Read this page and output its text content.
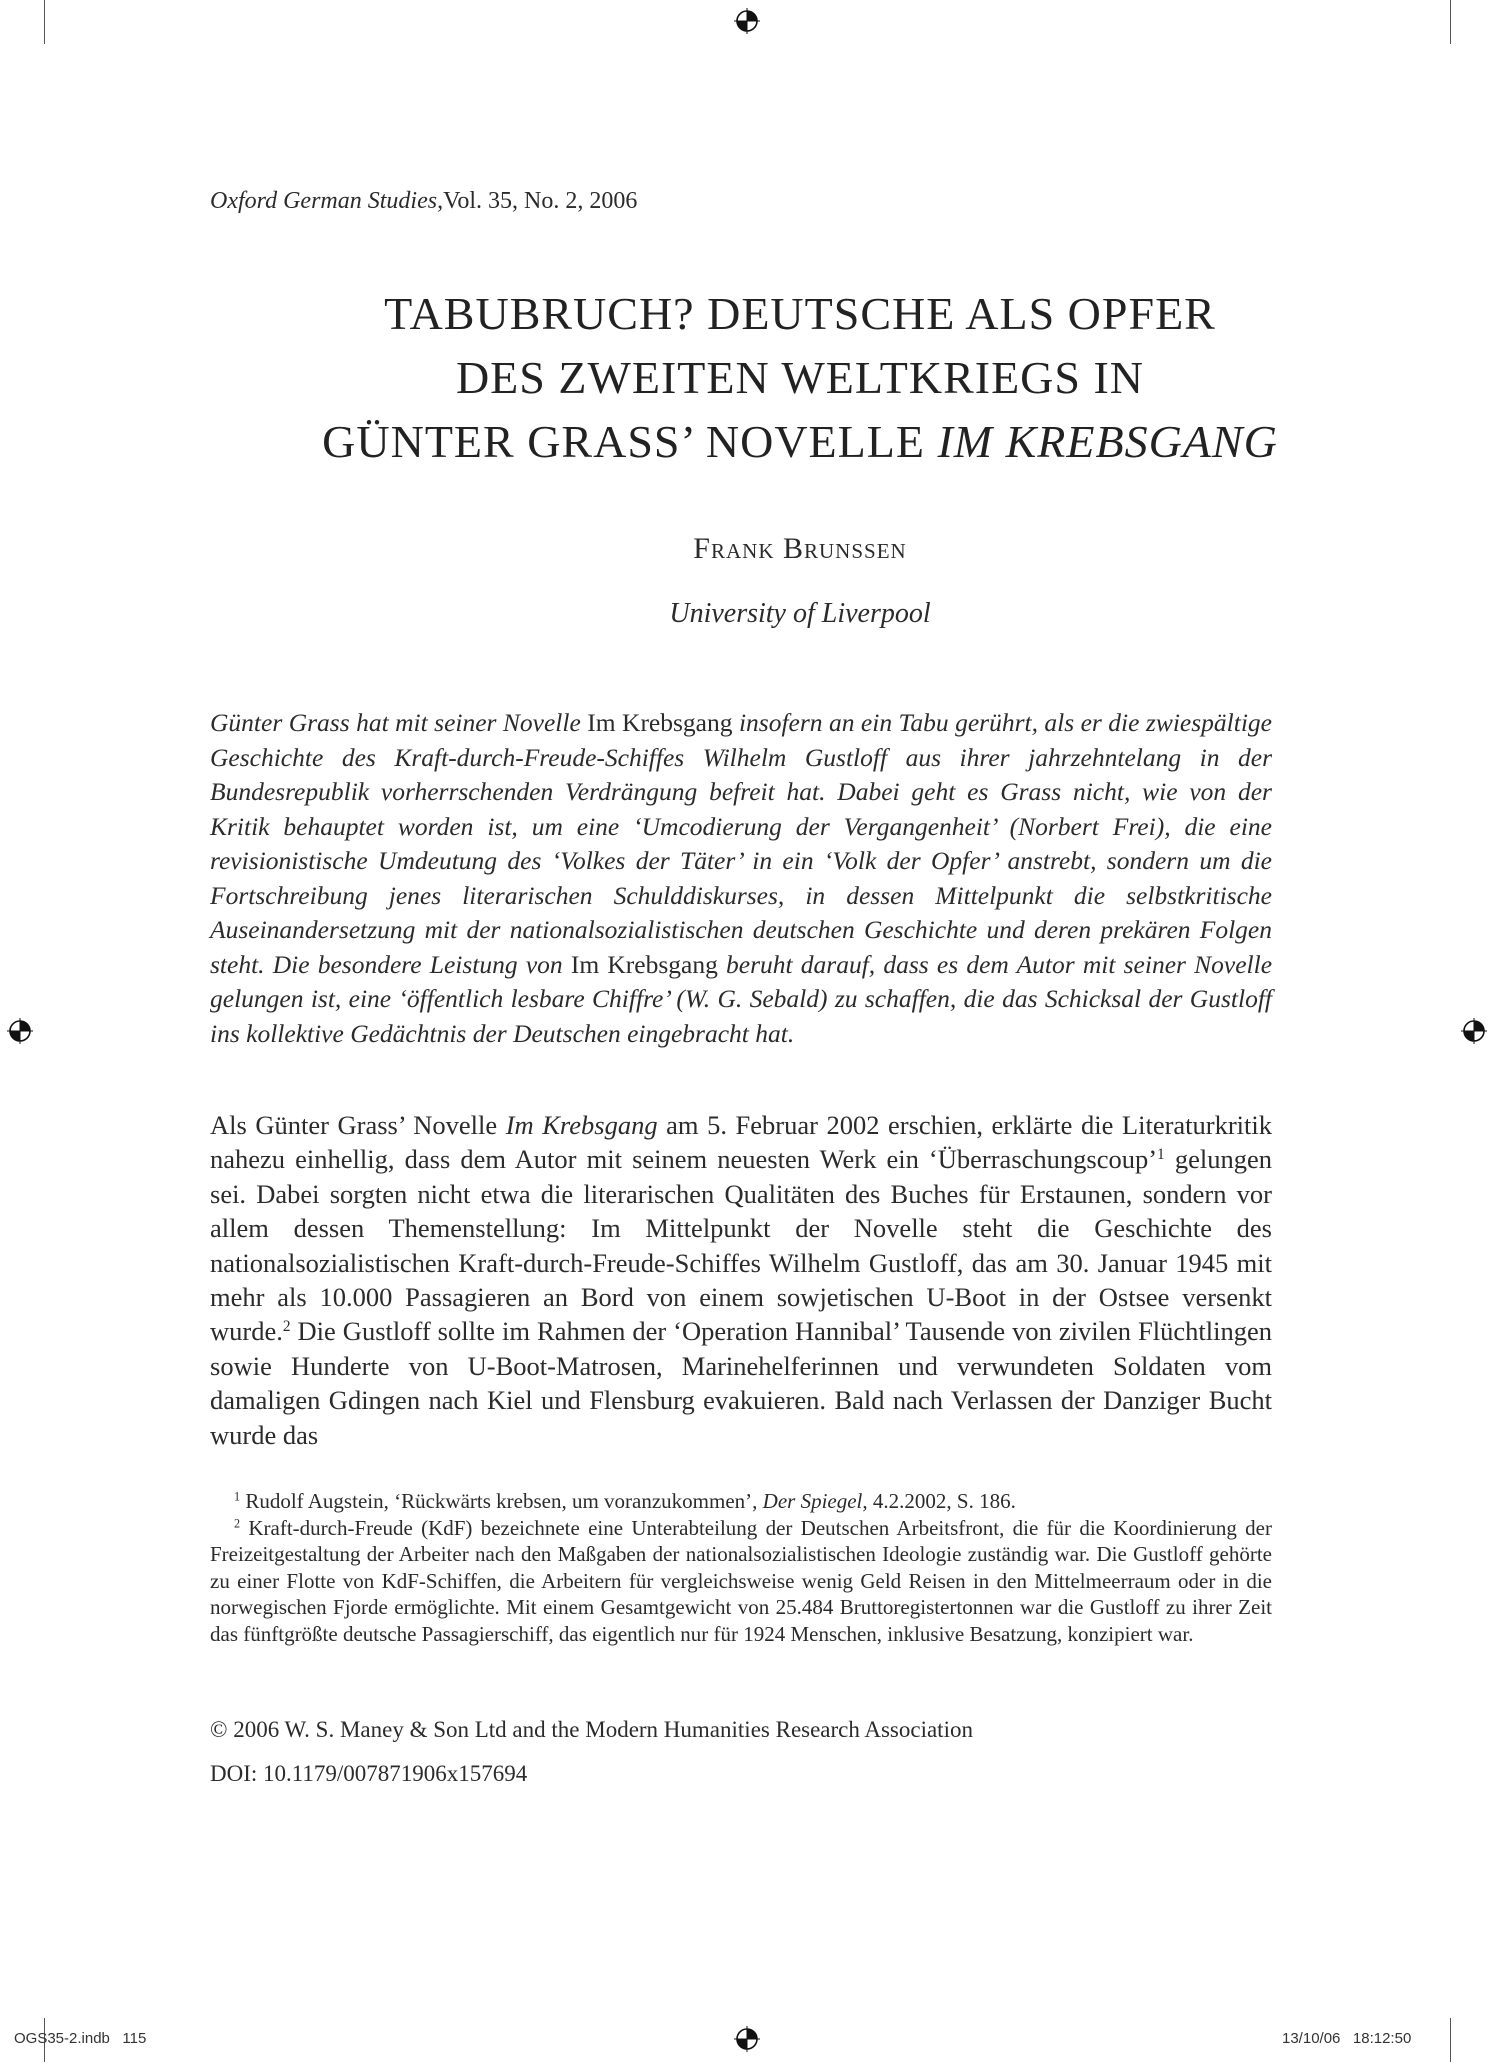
Oxford German Studies,Vol. 35, No. 2, 2006
TABUBRUCH? DEUTSCHE ALS OPFER
DES ZWEITEN WELTKRIEGS IN
GÜNTER GRASS’ NOVELLE IM KREBSGANG
Frank Brunssen
University of Liverpool
Günter Grass hat mit seiner Novelle Im Krebsgang insofern an ein Tabu gerührt, als er die zwiespältige Geschichte des Kraft-durch-Freude-Schiffes Wilhelm Gustloff aus ihrer jahrzehntelang in der Bundesrepublik vorherrschenden Verdrängung befreit hat. Dabei geht es Grass nicht, wie von der Kritik behauptet worden ist, um eine ‘Umcodierung der Vergangenheit’ (Norbert Frei), die eine revisionistische Umdeutung des ‘Volkes der Täter’ in ein ‘Volk der Opfer’ anstrebt, sondern um die Fortschreibung jenes literarischen Schulddiskurses, in dessen Mittelpunkt die selbstkritische Auseinandersetzung mit der nationalsozialistischen deutschen Geschichte und deren prekären Folgen steht. Die besondere Leistung von Im Krebsgang beruht darauf, dass es dem Autor mit seiner Novelle gelungen ist, eine ‘öffentlich lesbare Chiffre’ (W. G. Sebald) zu schaffen, die das Schicksal der Gustloff ins kollektive Gedächtnis der Deutschen eingebracht hat.
Als Günter Grass’ Novelle Im Krebsgang am 5. Februar 2002 erschien, erklärte die Literaturkritik nahezu einhellig, dass dem Autor mit seinem neuesten Werk ein ‘Überraschungscoup’$^1$ gelungen sei. Dabei sorgten nicht etwa die literarischen Qualitäten des Buches für Erstaunen, sondern vor allem dessen Themenstellung: Im Mittelpunkt der Novelle steht die Geschichte des nationalsozialistischen Kraft-durch-Freude-Schiffes Wilhelm Gustloff, das am 30. Januar 1945 mit mehr als 10.000 Passagieren an Bord von einem sowjetischen U-Boot in der Ostsee versenkt wurde.$^2$ Die Gustloff sollte im Rahmen der ‘Operation Hannibal’ Tausende von zivilen Flüchtlingen sowie Hunderte von U-Boot-Matrosen, Marinehelferinnen und verwundeten Soldaten vom damaligen Gdingen nach Kiel und Flensburg evakuieren. Bald nach Verlassen der Danziger Bucht wurde das

$^1$ Rudolf Augstein, ‘Rückwärts krebsen, um voranzukommen’, Der Spiegel, 4.2.2002, S. 186.

$^2$ Kraft-durch-Freude (KdF) bezeichnete eine Unterabteilung der Deutschen Arbeitsfront, die für die Koordinierung der Freizeitgestaltung der Arbeiter nach den Maßgaben der nationalsozialistischen Ideologie zuständig war. Die Gustloff gehörte zu einer Flotte von KdF-Schiffen, die Arbeitern für vergleichsweise wenig Geld Reisen in den Mittelmeerraum oder in die norwegischen Fjorde ermöglichte. Mit einem Gesamtgewicht von 25.484 Bruttoregistertonnen war die Gustloff zu ihrer Zeit das fünftgrößte deutsche Passagierschiff, das eigentlich nur für 1924 Menschen, inklusive Besatzung, konzipiert war.

© 2006 W. S. Maney & Son Ltd and the Modern Humanities Research Association
DOI: 10.1179/007871906x157694
OGS35-2.indb   115	13/10/06   18:12:50
